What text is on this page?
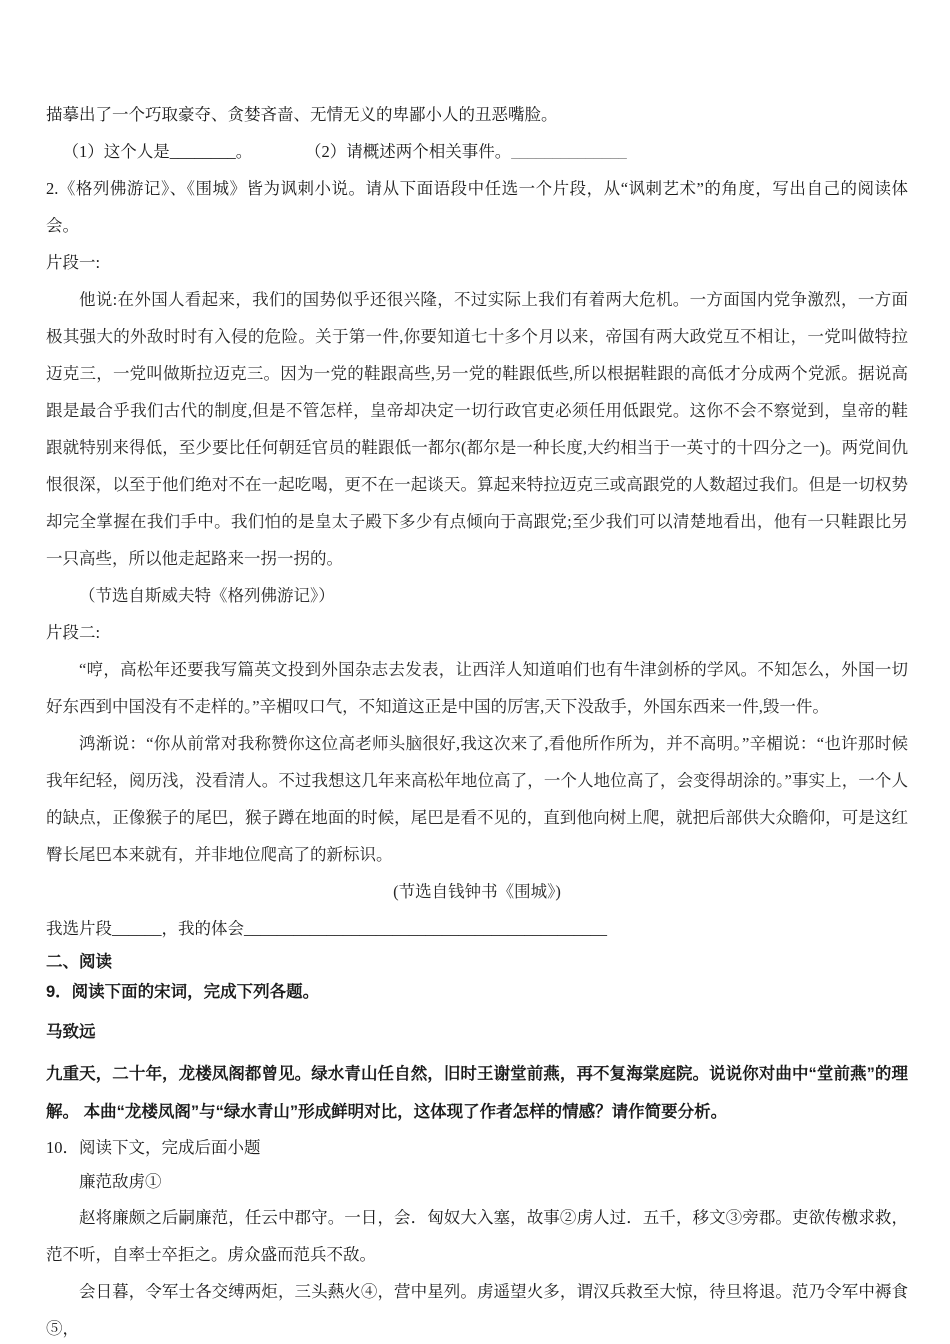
描摹出了一个巧取豪夺、贪婪吝啬、无情无义的卑鄙小人的丑恶嘴脸。

（1）这个人是________。	（2）请概述两个相关事件。______________

2.《格列佛游记》、《围城》皆为讽刺小说。请从下面语段中任选一个片段，从“讽刺艺术”的角度，写出自己的阅读体会。

片段一:

他说:在外国人看起来，我们的国势似乎还很兴隆，不过实际上我们有着两大危机。一方面国内党争激烈，一方面极其强大的外敌时时有入侵的危险。关于第一件,你要知道七十多个月以来，帝国有两大政党互不相让，一党叫做特拉迈克三，一党叫做斯拉迈克三。因为一党的鞋跟高些,另一党的鞋跟低些,所以根据鞋跟的高低才分成两个党派。据说高跟是最合乎我们古代的制度,但是不管怎样，皇帝却决定一切行政官吏必须任用低跟党。这你不会不察觉到，皇帝的鞋跟就特别来得低，至少要比任何朝廷官员的鞋跟低一都尔(都尔是一种长度,大约相当于一英寸的十四分之一)。两党间仇恨很深，以至于他们绝对不在一起吃喝，更不在一起谈天。算起来特拉迈克三或高跟党的人数超过我们。但是一切权势却完全掌握在我们手中。我们怕的是皇太子殿下多少有点倾向于高跟党;至少我们可以清楚地看出，他有一只鞋跟比另一只高些，所以他走起路来一拐一拐的。

（节选自斯威夫特《格列佛游记》）

片段二:

“哼，高松年还要我写篇英文投到外国杂志去发表，让西洋人知道咱们也有牛津剑桥的学风。不知怎么，外国一切好东西到中国没有不走样的。”辛楣叹口气，不知道这正是中国的厉害,天下没敌手，外国东西来一件,毁一件。

鸿渐说：“你从前常对我称赞你这位高老师头脑很好,我这次来了,看他所作所为，并不高明。”辛楣说：“也许那时候我年纪轻，阅历浅，没看清人。不过我想这几年来高松年地位高了，一个人地位高了，会变得胡涂的。”事实上，一个人的缺点，正像猴子的尾巴，猴子蹲在地面的时候，尾巴是看不见的，直到他向树上爬，就把后部供大众瞻仰，可是这红臀长尾巴本来就有，并非地位爬高了的新标识。

(节选自钱钟书《围城》)

我选片段______，我的体会____________________________________________

二、阅读

9．阅读下面的宋词，完成下列各题。

马致远

九重天，二十年，龙楼凤阁都曾见。绿水青山任自然，旧时王谢堂前燕，再不复海棠庭院。说说你对曲中“堂前燕”的理解。 本曲“龙楼凤阁”与“绿水青山”形成鲜明对比，这体现了作者怎样的情感？请作简要分析。

10．阅读下文，完成后面小题

廉范敌虏①

赵将廉颇之后嗣廉范，任云中郡守。一日，会．匈奴大入塞，故事②虏人过．五千，移文③旁郡。吏欲传檄求救，范不听，自率士卒拒之。虏众盛而范兵不敌。

会日暮，令军士各交缚两炬，三头爇火④，营中星列。虏遥望火多，谓汉兵救至大惊，待旦将退。范乃令军中褥食⑤，
